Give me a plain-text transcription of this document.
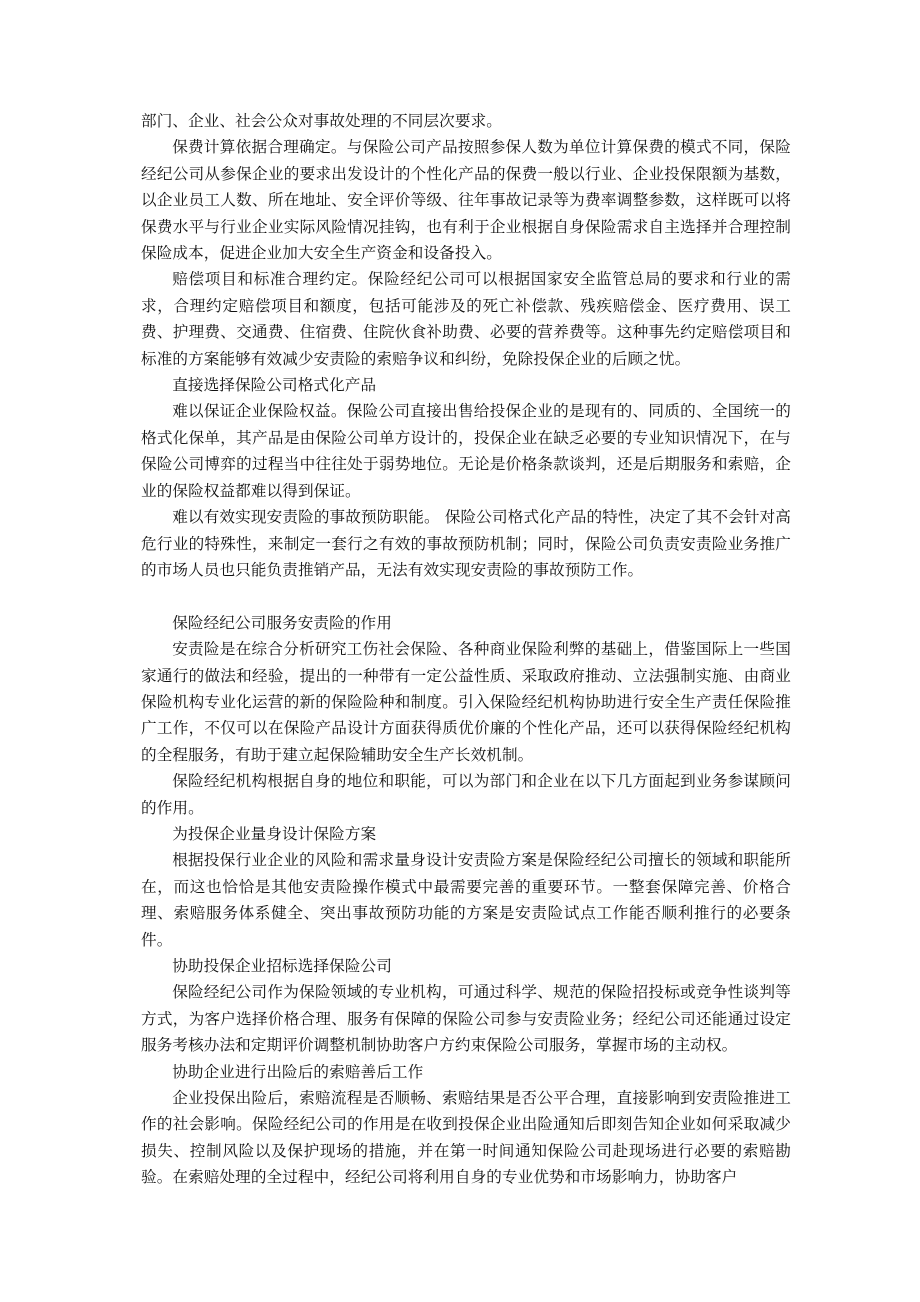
部门、企业、社会公众对事故处理的不同层次要求。

保费计算依据合理确定。与保险公司产品按照参保人数为单位计算保费的模式不同，保险经纪公司从参保企业的要求出发设计的个性化产品的保费一般以行业、企业投保限额为基数，以企业员工人数、所在地址、安全评价等级、往年事故记录等为费率调整参数，这样既可以将保费水平与行业企业实际风险情况挂钩，也有利于企业根据自身保险需求自主选择并合理控制保险成本，促进企业加大安全生产资金和设备投入。

赔偿项目和标准合理约定。保险经纪公司可以根据国家安全监管总局的要求和行业的需求，合理约定赔偿项目和额度，包括可能涉及的死亡补偿款、残疾赔偿金、医疗费用、误工费、护理费、交通费、住宿费、住院伙食补助费、必要的营养费等。这种事先约定赔偿项目和标准的方案能够有效减少安责险的索赔争议和纠纷，免除投保企业的后顾之忧。

直接选择保险公司格式化产品

难以保证企业保险权益。保险公司直接出售给投保企业的是现有的、同质的、全国统一的格式化保单，其产品是由保险公司单方设计的，投保企业在缺乏必要的专业知识情况下，在与保险公司博弈的过程当中往往处于弱势地位。无论是价格条款谈判，还是后期服务和索赔，企业的保险权益都难以得到保证。

难以有效实现安责险的事故预防职能。 保险公司格式化产品的特性，决定了其不会针对高危行业的特殊性，来制定一套行之有效的事故预防机制；同时，保险公司负责安责险业务推广的市场人员也只能负责推销产品，无法有效实现安责险的事故预防工作。

保险经纪公司服务安责险的作用

安责险是在综合分析研究工伤社会保险、各种商业保险利弊的基础上，借鉴国际上一些国家通行的做法和经验，提出的一种带有一定公益性质、采取政府推动、立法强制实施、由商业保险机构专业化运营的新的保险险种和制度。引入保险经纪机构协助进行安全生产责任保险推广工作，不仅可以在保险产品设计方面获得质优价廉的个性化产品，还可以获得保险经纪机构的全程服务，有助于建立起保险辅助安全生产长效机制。

保险经纪机构根据自身的地位和职能，可以为部门和企业在以下几方面起到业务参谋顾问的作用。

为投保企业量身设计保险方案

根据投保行业企业的风险和需求量身设计安责险方案是保险经纪公司擅长的领域和职能所在，而这也恰恰是其他安责险操作模式中最需要完善的重要环节。一整套保障完善、价格合理、索赔服务体系健全、突出事故预防功能的方案是安责险试点工作能否顺利推行的必要条件。

协助投保企业招标选择保险公司

保险经纪公司作为保险领域的专业机构，可通过科学、规范的保险招投标或竞争性谈判等方式，为客户选择价格合理、服务有保障的保险公司参与安责险业务；经纪公司还能通过设定服务考核办法和定期评价调整机制协助客户方约束保险公司服务，掌握市场的主动权。

协助企业进行出险后的索赔善后工作

企业投保出险后，索赔流程是否顺畅、索赔结果是否公平合理，直接影响到安责险推进工作的社会影响。保险经纪公司的作用是在收到投保企业出险通知后即刻告知企业如何采取减少损失、控制风险以及保护现场的措施，并在第一时间通知保险公司赴现场进行必要的索赔勘验。在索赔处理的全过程中，经纪公司将利用自身的专业优势和市场影响力，协助客户
